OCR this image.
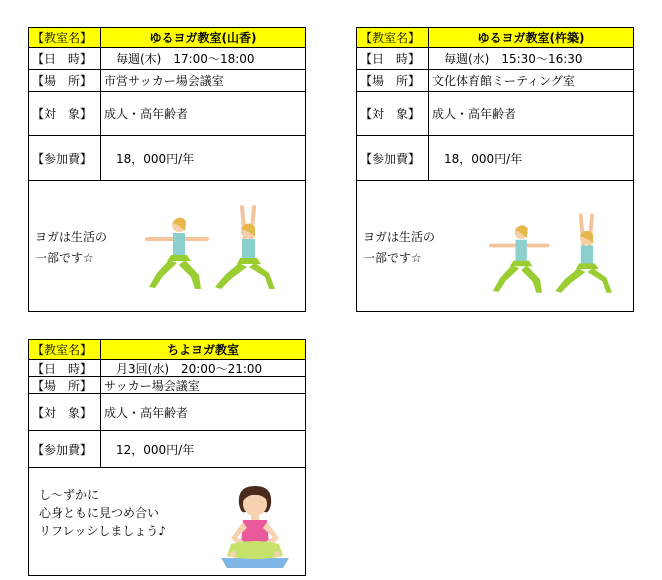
【教室名】	ゆるヨガ教室(山香)
【日　時】 　毎週(木)　17:00～18:00
【場　所】 市営サッカー場会議室
【対　象】 成人・高年齢者
【参加費】 　18，000円/年
ヨガは生活の
一部です☆
【教室名】	ゆるヨガ教室(杵築)
【日　時】 　毎週(水)　15:30～16:30
【場　所】 文化体育館ミーティング室
【対　象】 成人・高年齢者
【参加費】 　18，000円/年
ヨガは生活の
一部です☆
【教室名】	ちよヨガ教室
【日　時】 　月3回(水)　20:00～21:00
【場　所】 サッカー場会議室
【対　象】 成人・高年齢者
【参加費】 　12，000円/年
し～ずかに
心身ともに見つめ合い
リフレッシしましょう♪
